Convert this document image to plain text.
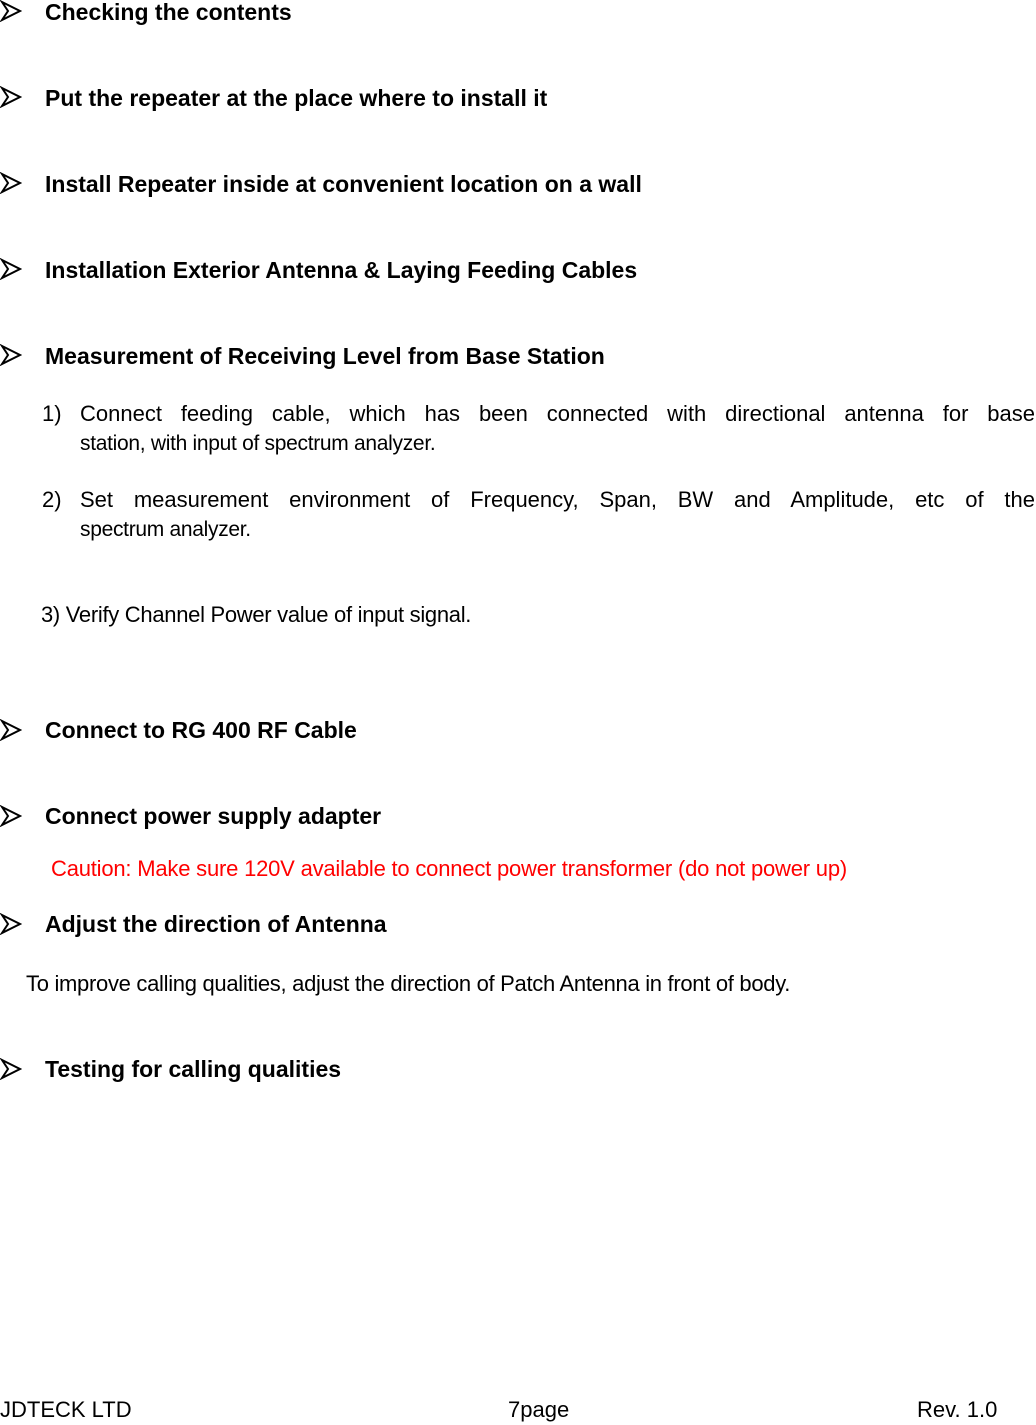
Checking the contents
Put the repeater at the place where to install it
Install Repeater inside at convenient location on a wall
Installation Exterior Antenna & Laying Feeding Cables
Measurement of Receiving Level from Base Station
1) Connect feeding cable, which has been connected with directional antenna for base
station, with input of spectrum analyzer.
2) Set measurement environment of Frequency, Span, BW and Amplitude, etc of the
spectrum analyzer.
3) Verify Channel Power value of input signal.
Connect to RG 400 RF Cable
Connect power supply adapter
Caution: Make sure 120V available to connect power transformer (do not power up)
Adjust the direction of Antenna
To improve calling qualities, adjust the direction of Patch Antenna in front of body.
Testing for calling qualities
JDTECK LTD	7page	Rev. 1.0
